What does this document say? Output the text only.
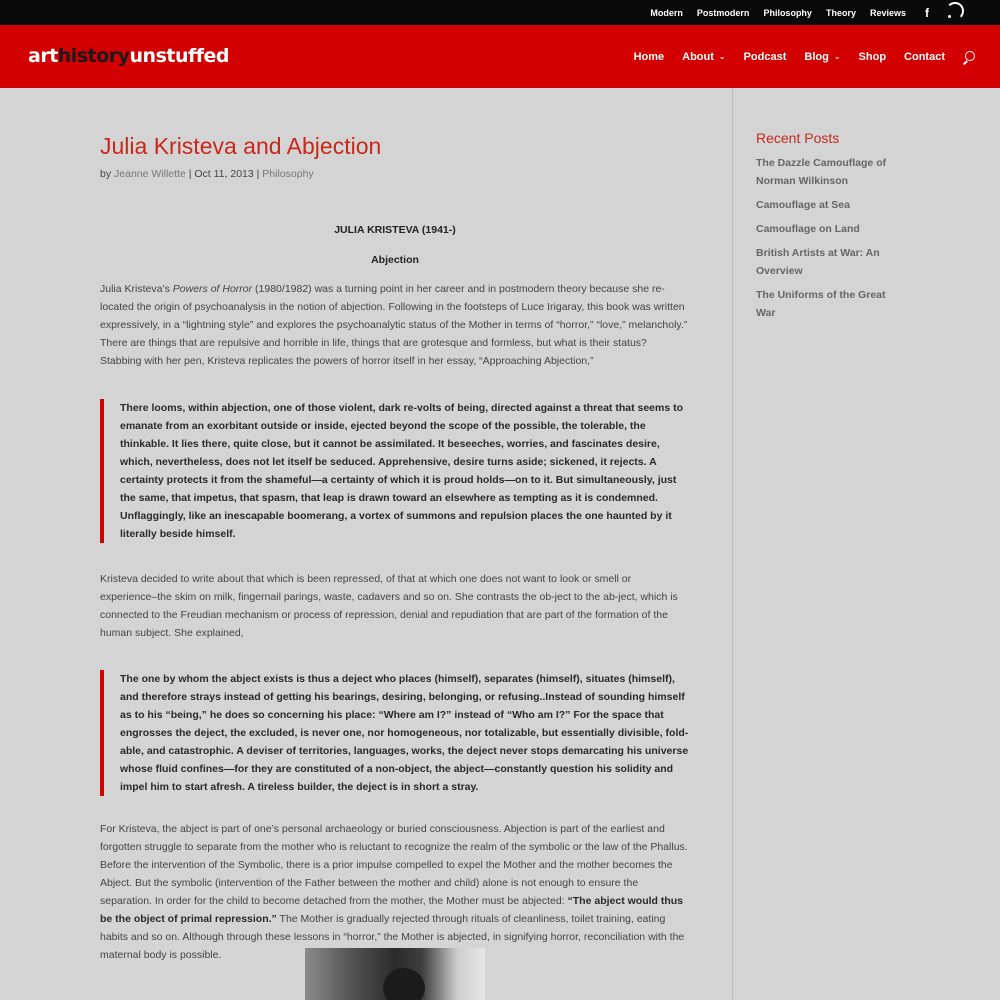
Modern Postmodern Philosophy Theory Reviews	f
arthistoryunstuffed	Home About ⌄ Podcast Blog ⌄ Shop Contact
Julia Kristeva and Abjection
by Jeanne Willette | Oct 11, 2013 | Philosophy
JULIA KRISTEVA (1941-)
Abjection

Julia Kristeva’s Powers of Horror (1980/1982) was a turning point in her career and in postmodern theory because she re-located the origin of psychoanalysis in the notion of abjection. Following in the footsteps of Luce Irigaray, this book was written expressively, in a “lightning style” and explores the psychoanalytic status of the Mother in terms of “horror,” “love,” melancholy.” There are things that are repulsive and horrible in life, things that are grotesque and formless, but what is their status? Stabbing with her pen, Kristeva replicates the powers of horror itself in her essay, “Approaching Abjection,”

There looms, within abjection, one of those violent, dark re-volts of being, directed against a threat that seems to emanate from an exorbitant outside or inside, ejected beyond the scope of the possible, the tolerable, the thinkable. It lies there, quite close, but it cannot be assimilated. It beseeches, worries, and fascinates desire, which, nevertheless, does not let itself be seduced. Apprehensive, desire turns aside; sickened, it rejects. A certainty protects it from the shameful—a certainty of which it is proud holds—on to it. But simultaneously, just the same, that impetus, that spasm, that leap is drawn toward an elsewhere as tempting as it is condemned. Unflaggingly, like an inescapable boomerang, a vortex of summons and repulsion places the one haunted by it literally beside himself.

Kristeva decided to write about that which is been repressed, of that at which one does not want to look or smell or experience–the skim on milk, fingernail parings, waste, cadavers and so on. She contrasts the ob-ject to the ab-ject, which is connected to the Freudian mechanism or process of repression, denial and repudiation that are part of the formation of the human subject. She explained,

The one by whom the abject exists is thus a deject who places (himself), separates (himself), situates (himself), and therefore strays instead of getting his bearings, desiring, belonging, or refusing..Instead of sounding himself as to his “being,” he does so concerning his place: “Where am I?” instead of “Who am I?” For the space that engrosses the deject, the excluded, is never one, nor homogeneous, nor totalizable, but essentially divisible, fold- able, and catastrophic. A deviser of territories, languages, works, the deject never stops demarcating his universe whose fluid confines—for they are constituted of a non-object, the abject—constantly question his solidity and impel him to start afresh. A tireless builder, the deject is in short a stray.

For Kristeva, the abject is part of one’s personal archaeology or buried consciousness. Abjection is part of the earliest and forgotten struggle to separate from the mother who is reluctant to recognize the realm of the symbolic or the law of the Phallus. Before the intervention of the Symbolic, there is a prior impulse compelled to expel the Mother and the mother becomes the Abject. But the symbolic (intervention of the Father between the mother and child) alone is not enough to ensure the separation. In order for the child to become detached from the mother, the Mother must be abjected: “The abject would thus be the object of primal repression.” The Mother is gradually rejected through rituals of cleanliness, toilet training, eating habits and so on. Although through these lessons in “horror,” the Mother is abjected, in signifying horror, reconciliation with the maternal body is possible.

Recent Posts
The Dazzle Camouflage of Norman Wilkinson
Camouflage at Sea
Camouflage on Land
British Artists at War: An Overview
The Uniforms of the Great War
